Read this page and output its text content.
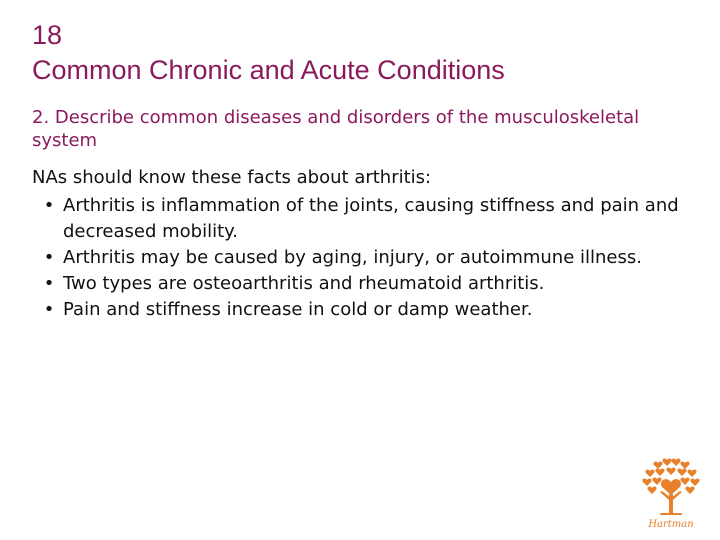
18
Common Chronic and Acute Conditions

2. Describe common diseases and disorders of the musculoskeletal system

NAs should know these facts about arthritis:

• Arthritis is inflammation of the joints, causing stiffness and pain and decreased mobility.
• Arthritis may be caused by aging, injury, or autoimmune illness.
• Two types are osteoarthritis and rheumatoid arthritis.
• Pain and stiffness increase in cold or damp weather.
Hartman
